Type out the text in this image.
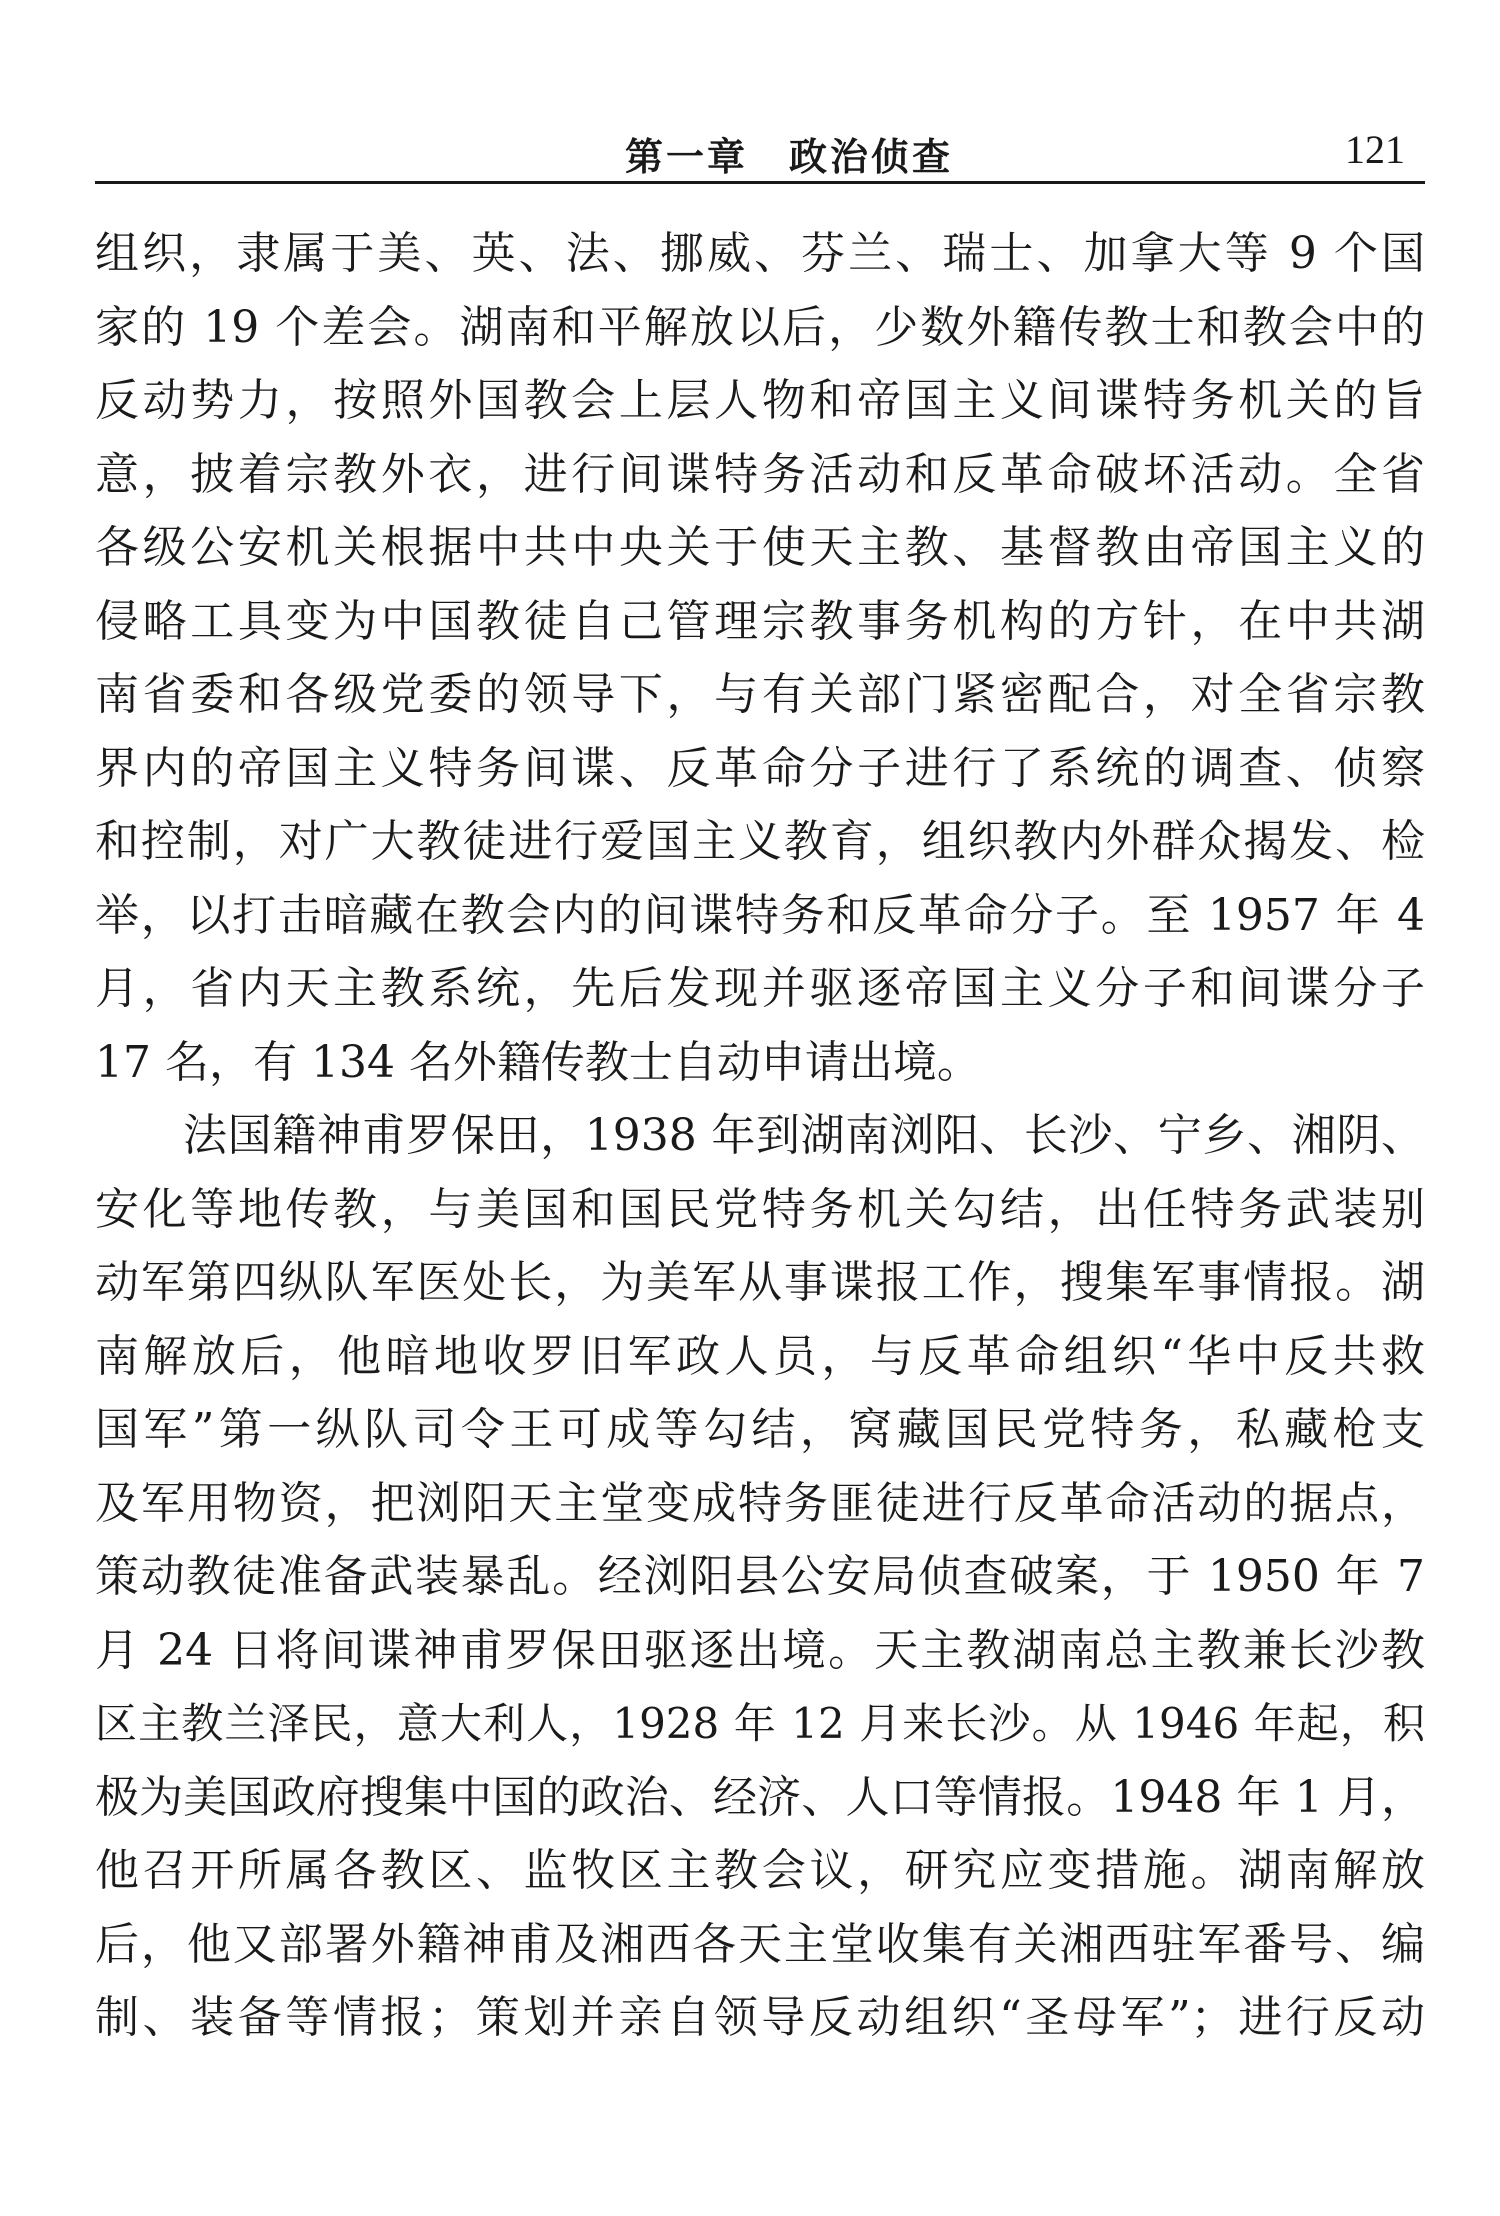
第一章　政治侦查	121
组织，隶属于美、英、法、挪威、芬兰、瑞士、加拿大等 9 个国
家的 19 个差会。湖南和平解放以后，少数外籍传教士和教会中的
反动势力，按照外国教会上层人物和帝国主义间谍特务机关的旨
意，披着宗教外衣，进行间谍特务活动和反革命破坏活动。全省
各级公安机关根据中共中央关于使天主教、基督教由帝国主义的
侵略工具变为中国教徒自己管理宗教事务机构的方针，在中共湖
南省委和各级党委的领导下，与有关部门紧密配合，对全省宗教
界内的帝国主义特务间谍、反革命分子进行了系统的调查、侦察
和控制，对广大教徒进行爱国主义教育，组织教内外群众揭发、检
举，以打击暗藏在教会内的间谍特务和反革命分子。至 1957 年 4
月，省内天主教系统，先后发现并驱逐帝国主义分子和间谍分子
17 名，有 134 名外籍传教士自动申请出境。
法国籍神甫罗保田，1938 年到湖南浏阳、长沙、宁乡、湘阴、
安化等地传教，与美国和国民党特务机关勾结，出任特务武装别
动军第四纵队军医处长，为美军从事谍报工作，搜集军事情报。湖
南解放后，他暗地收罗旧军政人员，与反革命组织“华中反共救
国军”第一纵队司令王可成等勾结，窝藏国民党特务，私藏枪支
及军用物资，把浏阳天主堂变成特务匪徒进行反革命活动的据点，
策动教徒准备武装暴乱。经浏阳县公安局侦查破案，于 1950 年 7
月 24 日将间谍神甫罗保田驱逐出境。天主教湖南总主教兼长沙教
区主教兰泽民，意大利人，1928 年 12 月来长沙。从 1946 年起，积
极为美国政府搜集中国的政治、经济、人口等情报。1948 年 1 月，
他召开所属各教区、监牧区主教会议，研究应变措施。湖南解放
后，他又部署外籍神甫及湘西各天主堂收集有关湘西驻军番号、编
制、装备等情报；策划并亲自领导反动组织“圣母军”；进行反动
